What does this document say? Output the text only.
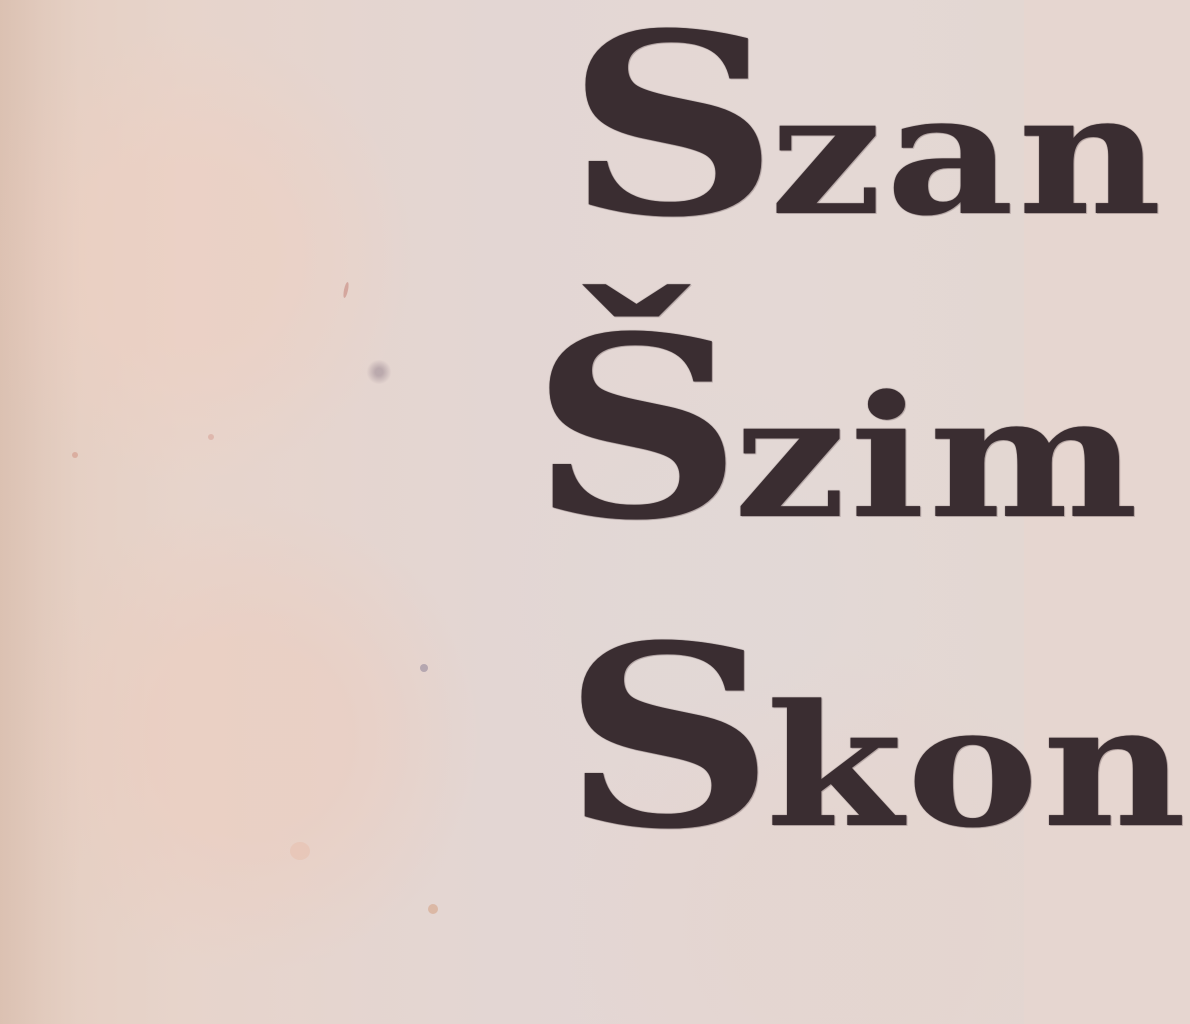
Szan
Šzim
Skon
